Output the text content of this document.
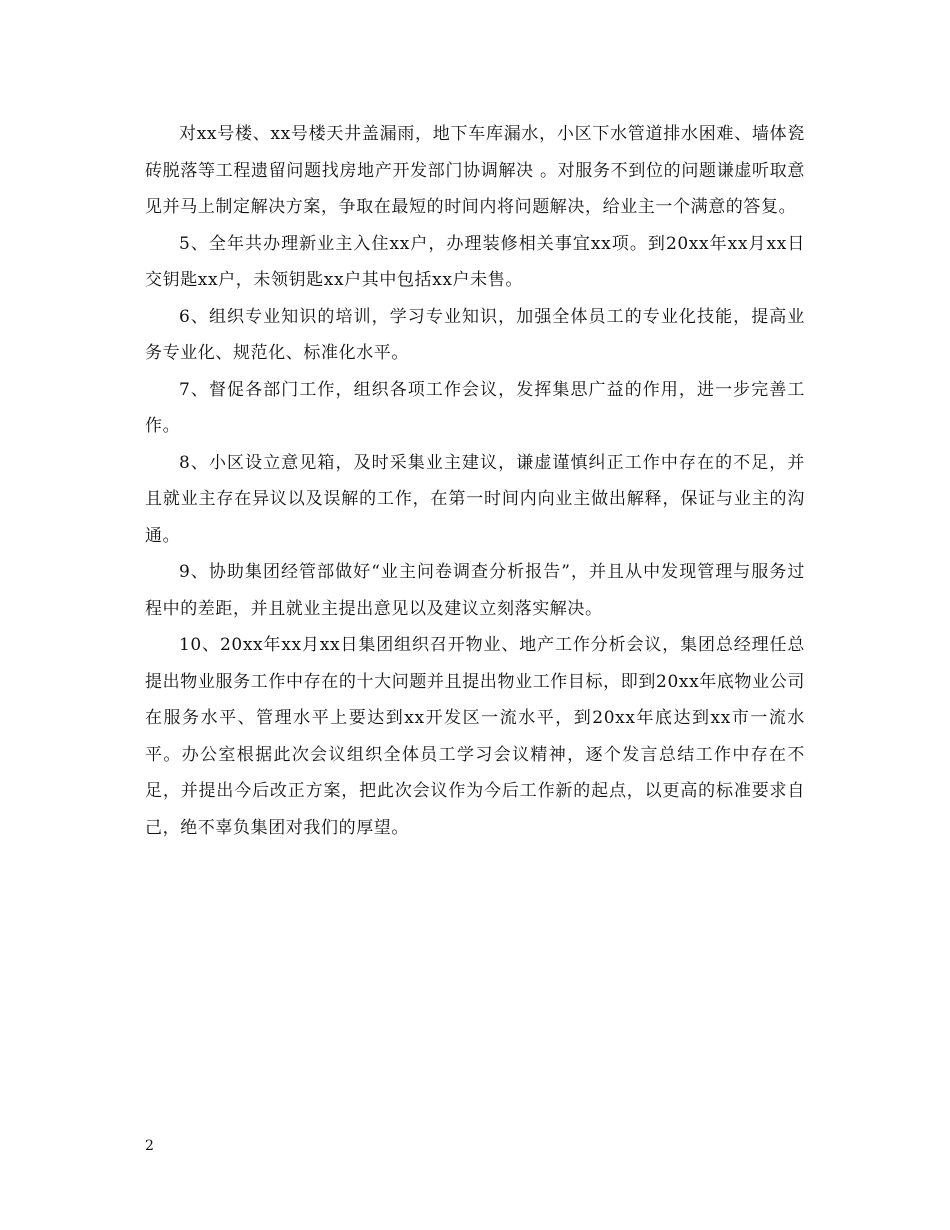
对xx号楼、xx号楼天井盖漏雨，地下车库漏水，小区下水管道排水困难、墙体瓷砖脱落等工程遗留问题找房地产开发部门协调解决 。对服务不到位的问题谦虚听取意见并马上制定解决方案，争取在最短的时间内将问题解决，给业主一个满意的答复。

5、全年共办理新业主入住xx户，办理装修相关事宜xx项。到20xx年xx月xx日交钥匙xx户，未领钥匙xx户其中包括xx户未售。

6、组织专业知识的培训，学习专业知识，加强全体员工的专业化技能，提高业务专业化、规范化、标准化水平。

7、督促各部门工作，组织各项工作会议，发挥集思广益的作用，进一步完善工作。

8、小区设立意见箱，及时采集业主建议，谦虚谨慎纠正工作中存在的不足，并且就业主存在异议以及误解的工作，在第一时间内向业主做出解释，保证与业主的沟通。

9、协助集团经管部做好“业主问卷调查分析报告”，并且从中发现管理与服务过程中的差距，并且就业主提出意见以及建议立刻落实解决。

10、20xx年xx月xx日集团组织召开物业、地产工作分析会议，集团总经理任总提出物业服务工作中存在的十大问题并且提出物业工作目标，即到20xx年底物业公司在服务水平、管理水平上要达到xx开发区一流水平，到20xx年底达到xx市一流水平。办公室根据此次会议组织全体员工学习会议精神，逐个发言总结工作中存在不足，并提出今后改正方案，把此次会议作为今后工作新的起点，以更高的标准要求自己，绝不辜负集团对我们的厚望。

2
